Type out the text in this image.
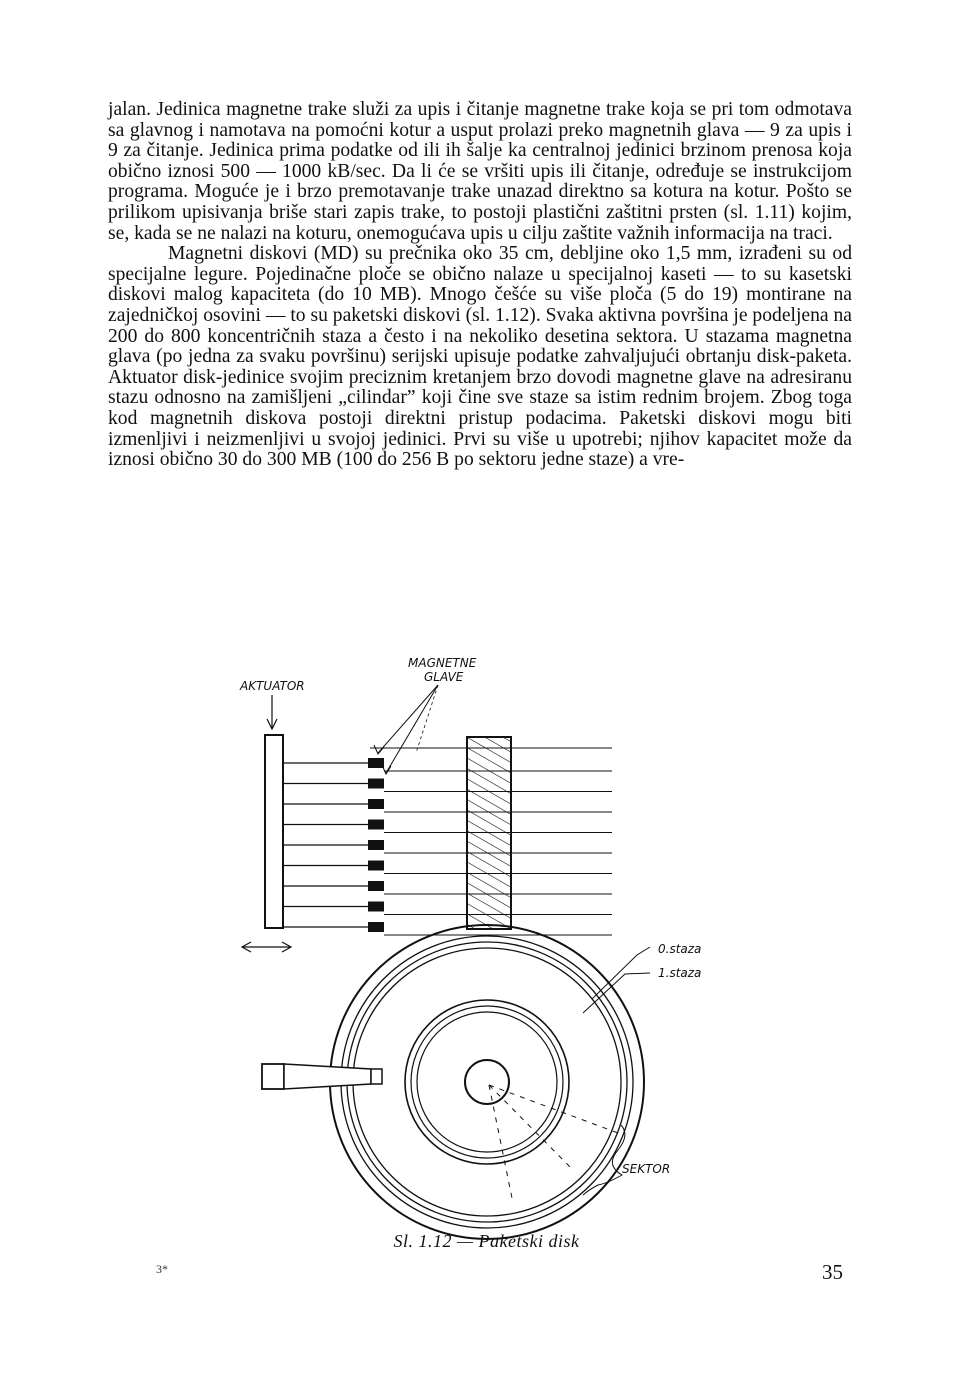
jalan. Jedinica magnetne trake služi za upis i čitanje magnetne trake koja se pri tom odmotava sa glavnog i namotava na pomoćni kotur a usput prolazi preko magnetnih glava — 9 za upis i 9 za čitanje. Jedinica prima podatke od ili ih šalje ka centralnoj jedinici brzinom prenosa koja obično iznosi 500 — 1000 kB/sec. Da li će se vršiti upis ili čitanje, određuje se instrukcijom programa. Moguće je i brzo premotavanje trake unazad direktno sa kotura na kotur. Pošto se prilikom upisivanja briše stari zapis trake, to postoji plastični zaštitni prsten (sl. 1.11) kojim, se, kada se ne nalazi na koturu, onemogućava upis u cilju zaštite važnih informacija na traci.

Magnetni diskovi (MD) su prečnika oko 35 cm, debljine oko 1,5 mm, izrađeni su od specijalne legure. Pojedinačne ploče se obično nalaze u specijalnoj kaseti — to su kasetski diskovi malog kapaciteta (do 10 MB). Mnogo češće su više ploča (5 do 19) montirane na zajedničkoj osovini — to su paketski diskovi (sl. 1.12). Svaka aktivna površina je podeljena na 200 do 800 koncentričnih staza a često i na nekoliko desetina sektora. U stazama magnetna glava (po jedna za svaku površinu) serijski upisuje podatke zahvaljujući obrtanju disk-paketa. Aktuator disk-jedinice svojim preciznim kretanjem brzo dovodi magnetne glave na adresiranu stazu odnosno na zamišljeni „cilindar” koji čine sve staze sa istim rednim brojem. Zbog toga kod magnetnih diskova postoji direktni pristup podacima. Paketski diskovi mogu biti izmenljivi i neizmenljivi u svojoj jedinici. Prvi su više u upotrebi; njihov kapacitet može da iznosi obično 30 do 300 MB (100 do 256 B po sektoru jedne staze) a vre-

AKTUATOR
MAGNETNE
GLAVE
0.staza
1.staza
SEKTOR
Sl. 1.12 — Paketski disk
3*	35
